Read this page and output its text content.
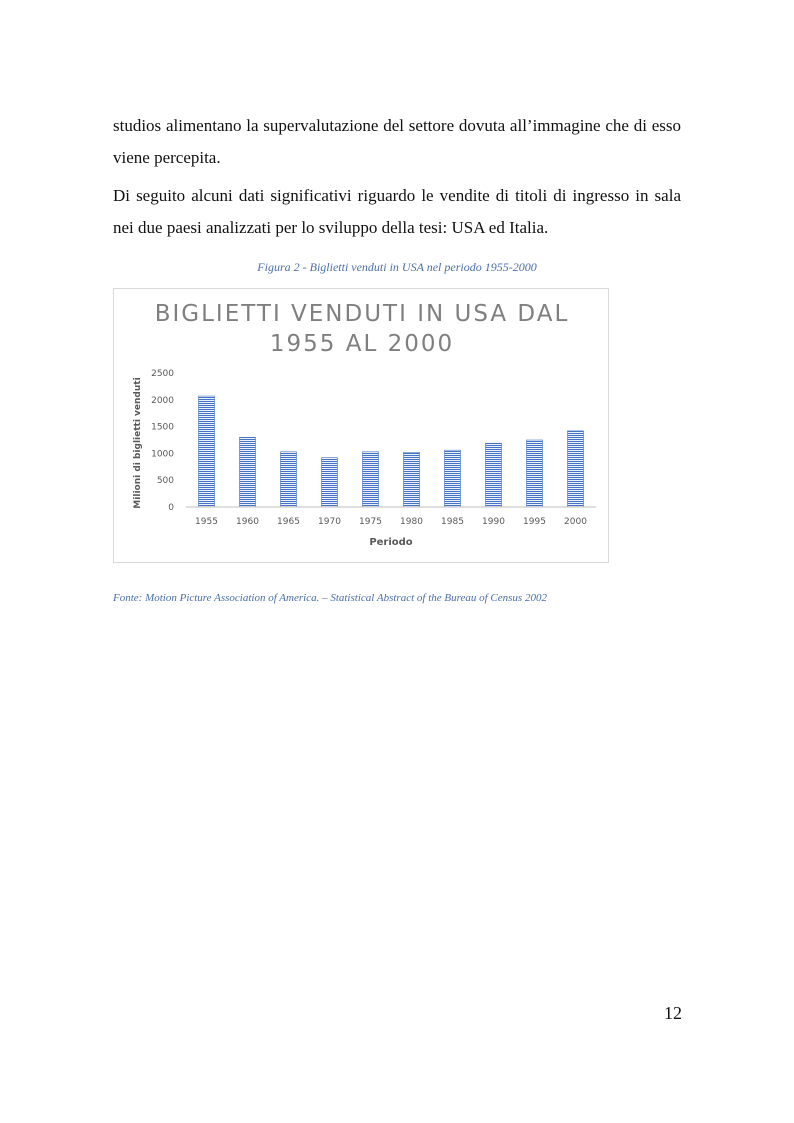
studios alimentano la supervalutazione del settore dovuta all’immagine che di esso
viene percepita.
Di seguito alcuni dati significativi riguardo le vendite di titoli di ingresso in sala nei due paesi analizzati per lo sviluppo della tesi: USA ed Italia.
Figura 2 - Biglietti venduti in USA nel periodo 1955-2000
BIGLIETTI VENDUTI IN USA DAL
1955 AL 2000
0
500
1000
1500
2000
2500
1955 1960 1965 1970 1975 1980 1985 1990 1995 2000
Milioni di biglietti venduti
Periodo
Fonte: Motion Picture Association of America. – Statistical Abstract of the Bureau of Census 2002
12
